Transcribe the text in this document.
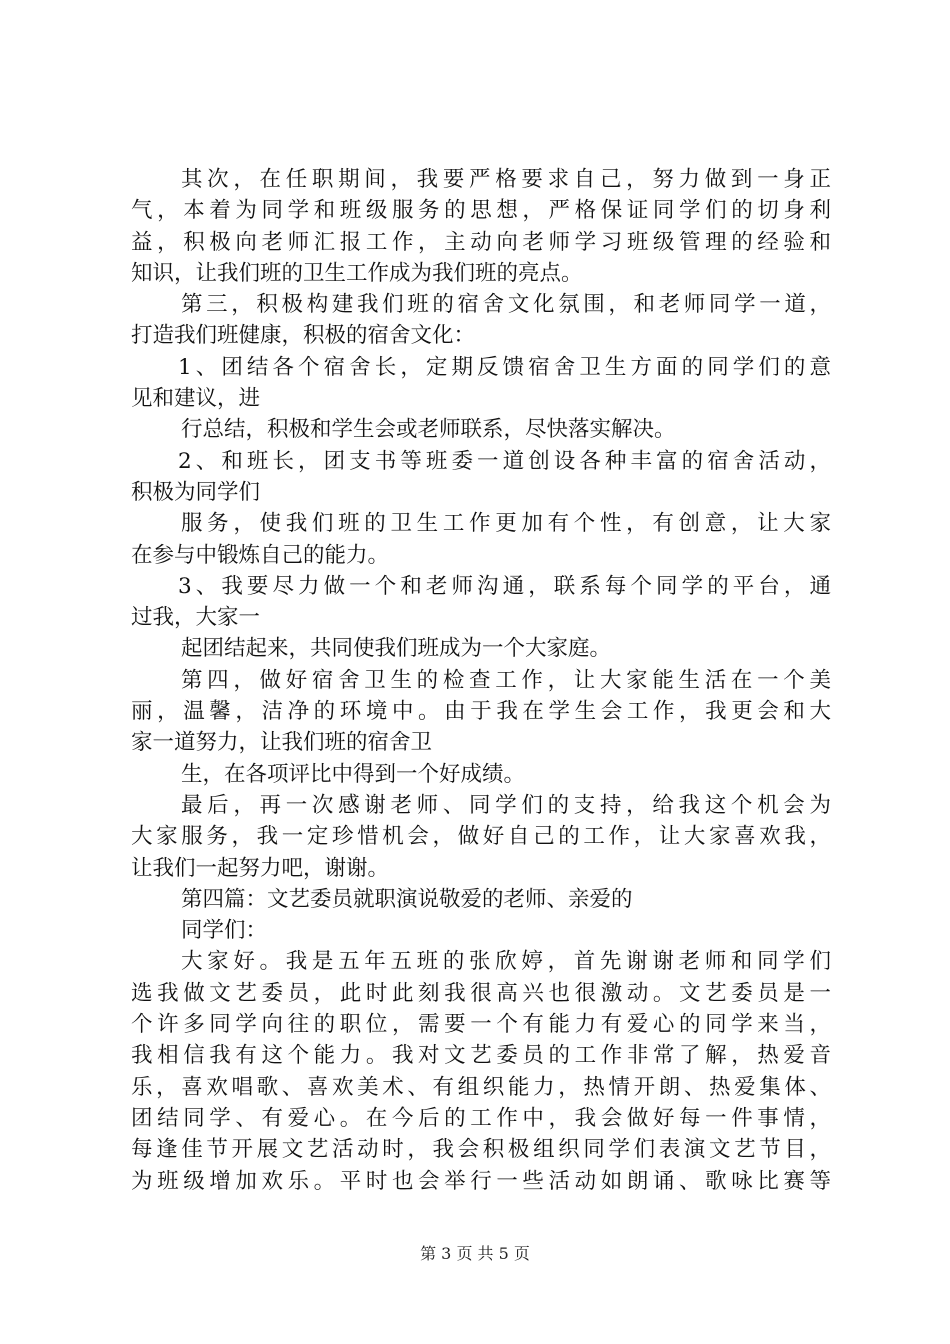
其次，在任职期间，我要严格要求自己，努力做到一身正
气，本着为同学和班级服务的思想，严格保证同学们的切身利
益，积极向老师汇报工作，主动向老师学习班级管理的经验和
知识，让我们班的卫生工作成为我们班的亮点。
第三，积极构建我们班的宿舍文化氛围，和老师同学一道，
打造我们班健康，积极的宿舍文化：
1、团结各个宿舍长，定期反馈宿舍卫生方面的同学们的意
见和建议，进
行总结，积极和学生会或老师联系，尽快落实解决。
2、和班长，团支书等班委一道创设各种丰富的宿舍活动，
积极为同学们
服务，使我们班的卫生工作更加有个性，有创意，让大家
在参与中锻炼自己的能力。
3、我要尽力做一个和老师沟通，联系每个同学的平台，通
过我，大家一
起团结起来，共同使我们班成为一个大家庭。
第四，做好宿舍卫生的检查工作，让大家能生活在一个美
丽，温馨，洁净的环境中。由于我在学生会工作，我更会和大
家一道努力，让我们班的宿舍卫
生，在各项评比中得到一个好成绩。
最后，再一次感谢老师、同学们的支持，给我这个机会为
大家服务，我一定珍惜机会，做好自己的工作，让大家喜欢我，
让我们一起努力吧，谢谢。
第四篇：文艺委员就职演说敬爱的老师、亲爱的
同学们：
大家好。我是五年五班的张欣婷，首先谢谢老师和同学们
选我做文艺委员，此时此刻我很高兴也很激动。文艺委员是一
个许多同学向往的职位，需要一个有能力有爱心的同学来当，
我相信我有这个能力。我对文艺委员的工作非常了解，热爱音
乐，喜欢唱歌、喜欢美术、有组织能力，热情开朗、热爱集体、
团结同学、有爱心。在今后的工作中，我会做好每一件事情，
每逢佳节开展文艺活动时，我会积极组织同学们表演文艺节目，
为班级增加欢乐。平时也会举行一些活动如朗诵、歌咏比赛等
第 3 页 共 5 页
